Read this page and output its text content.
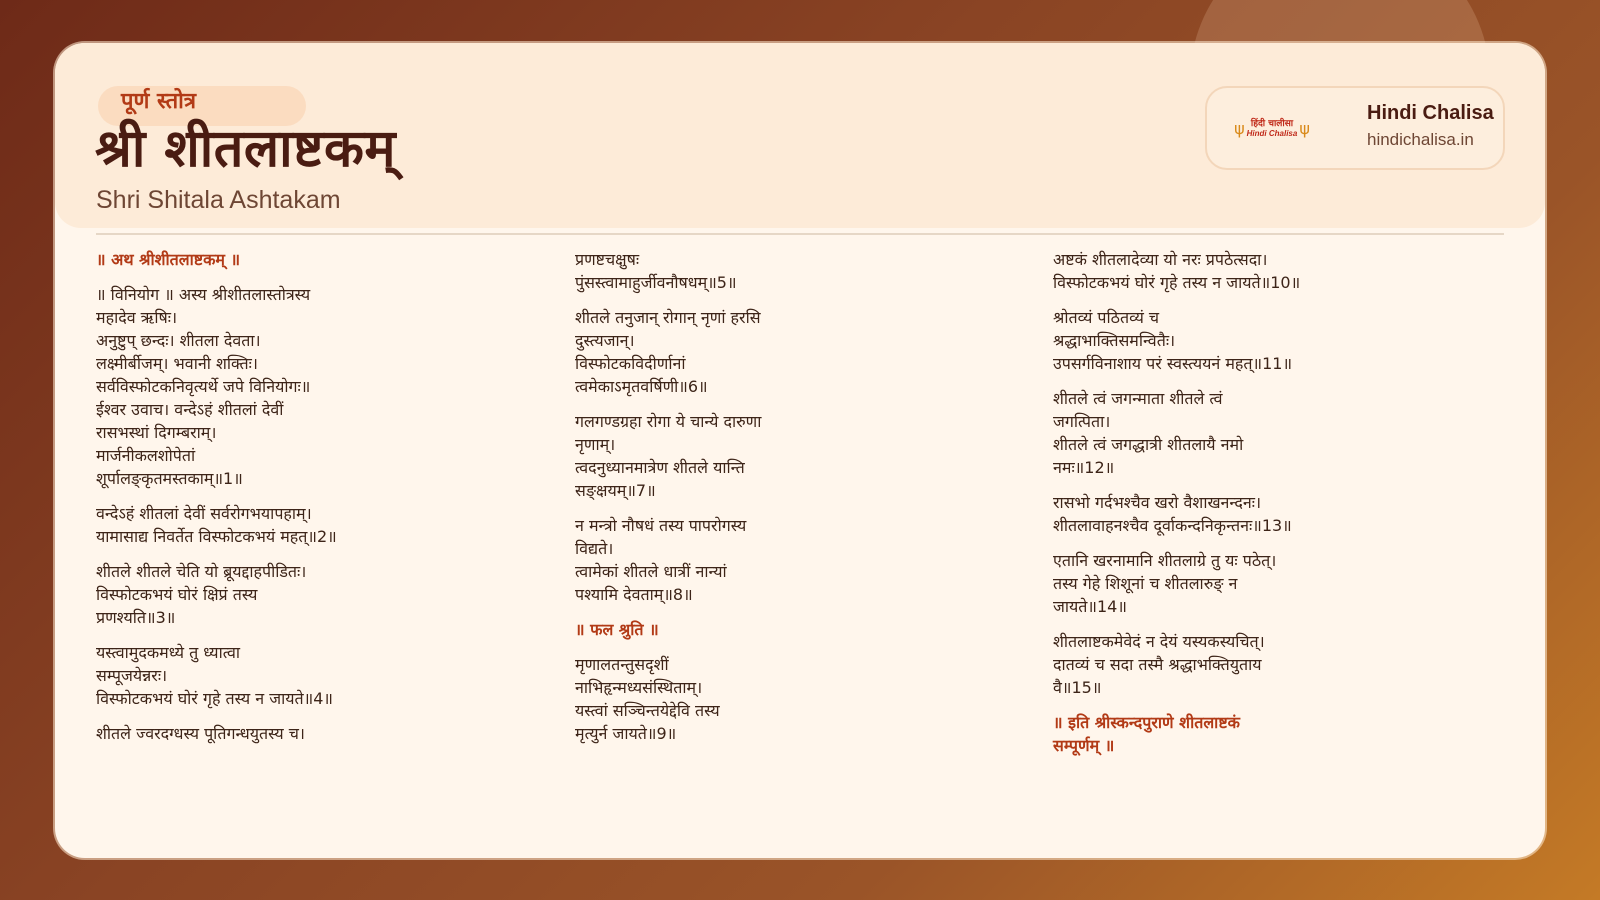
पूर्ण स्तोत्र
श्री शीतलाष्टकम्
Shri Shitala Ashtakam
ψ हिंदी चालीसा
Hindi Chalisa ψ
Hindi Chalisa
hindichalisa.in
॥ अथ श्रीशीतलाष्टकम् ॥
॥ विनियोग ॥ अस्य श्रीशीतलास्तोत्रस्य
महादेव ऋषिः।
अनुष्टुप् छन्दः। शीतला देवता।
लक्ष्मीर्बीजम्। भवानी शक्तिः।
सर्वविस्फोटकनिवृत्यर्थे जपे विनियोगः॥
ईश्वर उवाच। वन्देऽहं शीतलां देवीं
रासभस्थां दिगम्बराम्।
मार्जनीकलशोपेतां
शूर्पालङ्कृतमस्तकाम्॥1॥
वन्देऽहं शीतलां देवीं सर्वरोगभयापहाम्।
यामासाद्य निवर्तेत विस्फोटकभयं महत्॥2॥
शीतले शीतले चेति यो ब्रूयद्दाहपीडितः।
विस्फोटकभयं घोरं क्षिप्रं तस्य
प्रणश्यति॥3॥
यस्त्वामुदकमध्ये तु ध्यात्वा
सम्पूजयेन्नरः।
विस्फोटकभयं घोरं गृहे तस्य न जायते॥4॥
शीतले ज्वरदग्धस्य पूतिगन्धयुतस्य च।
प्रणष्टचक्षुषः
पुंसस्त्वामाहुर्जीवनौषधम्॥5॥
शीतले तनुजान् रोगान् नृणां हरसि
दुस्त्यजान्।
विस्फोटकविदीर्णानां
त्वमेकाऽमृतवर्षिणी॥6॥
गलगण्डग्रहा रोगा ये चान्ये दारुणा
नृणाम्।
त्वदनुध्यानमात्रेण शीतले यान्ति
सङ्क्षयम्॥7॥
न मन्त्रो नौषधं तस्य पापरोगस्य
विद्यते।
त्वामेकां शीतले धात्रीं नान्यां
पश्यामि देवताम्॥8॥
॥ फल श्रुति ॥
मृणालतन्तुसदृशीं
नाभिहृन्मध्यसंस्थिताम्।
यस्त्वां सञ्चिन्तयेद्देवि तस्य
मृत्युर्न जायते॥9॥
अष्टकं शीतलादेव्या यो नरः प्रपठेत्सदा।
विस्फोटकभयं घोरं गृहे तस्य न जायते॥10॥
श्रोतव्यं पठितव्यं च
श्रद्धाभाक्तिसमन्वितैः।
उपसर्गविनाशाय परं स्वस्त्ययनं महत्॥11॥
शीतले त्वं जगन्माता शीतले त्वं
जगत्पिता।
शीतले त्वं जगद्धात्री शीतलायै नमो
नमः॥12॥
रासभो गर्दभश्चैव खरो वैशाखनन्दनः।
शीतलावाहनश्चैव दूर्वाकन्दनिकृन्तनः॥13॥
एतानि खरनामानि शीतलाग्रे तु यः पठेत्।
तस्य गेहे शिशूनां च शीतलारुङ् न
जायते॥14॥
शीतलाष्टकमेवेदं न देयं यस्यकस्यचित्।
दातव्यं च सदा तस्मै श्रद्धाभक्तियुताय
वै॥15॥
॥ इति श्रीस्कन्दपुराणे शीतलाष्टकं
सम्पूर्णम् ॥
